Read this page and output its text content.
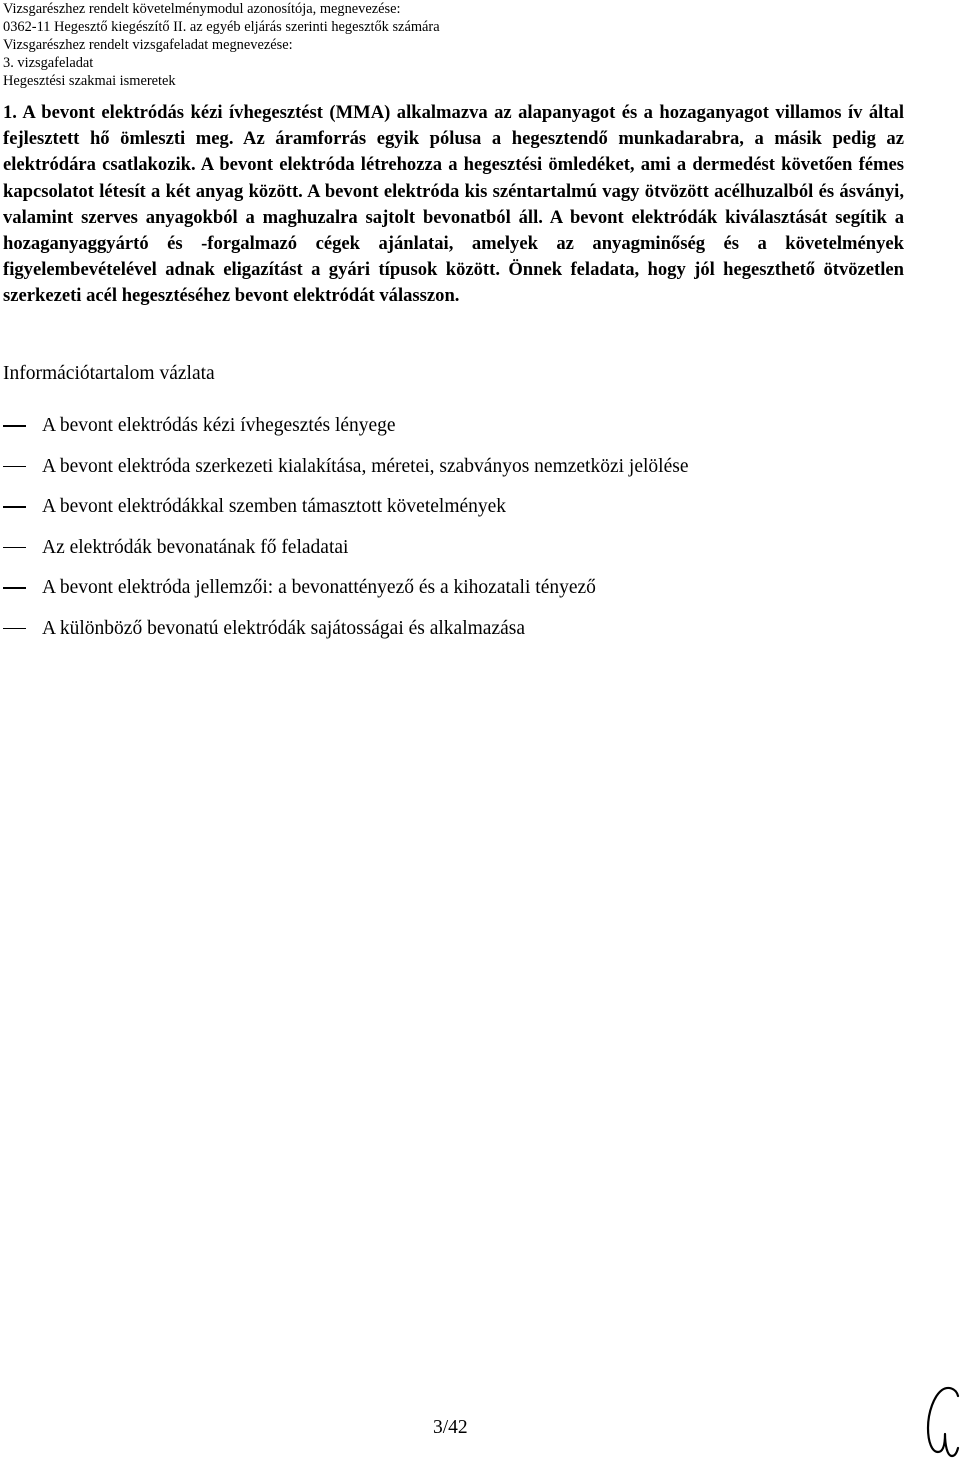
Vizsgarészhez rendelt követelménymodul azonosítója, megnevezése:
0362-11 Hegesztő kiegészítő II. az egyéb eljárás szerinti hegesztők számára
Vizsgarészhez rendelt vizsgafeladat megnevezése:
3. vizsgafeladat
Hegesztési szakmai ismeretek
1. A bevont elektródás kézi ívhegesztést (MMA) alkalmazva az alapanyagot és a hozaganyagot villamos ív által fejlesztett hő ömleszti meg. Az áramforrás egyik pólusa a hegesztendő munkadarabra, a másik pedig az elektródára csatlakozik. A bevont elektróda létrehozza a hegesztési ömledéket, ami a dermedést követően fémes kapcsolatot létesít a két anyag között. A bevont elektróda kis széntartalmú vagy ötvözött acélhuzalból és ásványi, valamint szerves anyagokból a maghuzalra sajtolt bevonatból áll. A bevont elektródák kiválasztását segítik a hozaganyaggyártó és -forgalmazó cégek ajánlatai, amelyek az anyagminőség és a követelmények figyelembevételével adnak eligazítást a gyári típusok között. Önnek feladata, hogy jól hegeszthető ötvözetlen szerkezeti acél hegesztéséhez bevont elektródát válasszon.
Információtartalom vázlata
A bevont elektródás kézi ívhegesztés lényege
A bevont elektróda szerkezeti kialakítása, méretei, szabványos nemzetközi jelölése
A bevont elektródákkal szemben támasztott követelmények
Az elektródák bevonatának fő feladatai
A bevont elektróda jellemzői: a bevonattényező és a kihozatali tényező
A különböző bevonatú elektródák sajátosságai és alkalmazása
3/42
